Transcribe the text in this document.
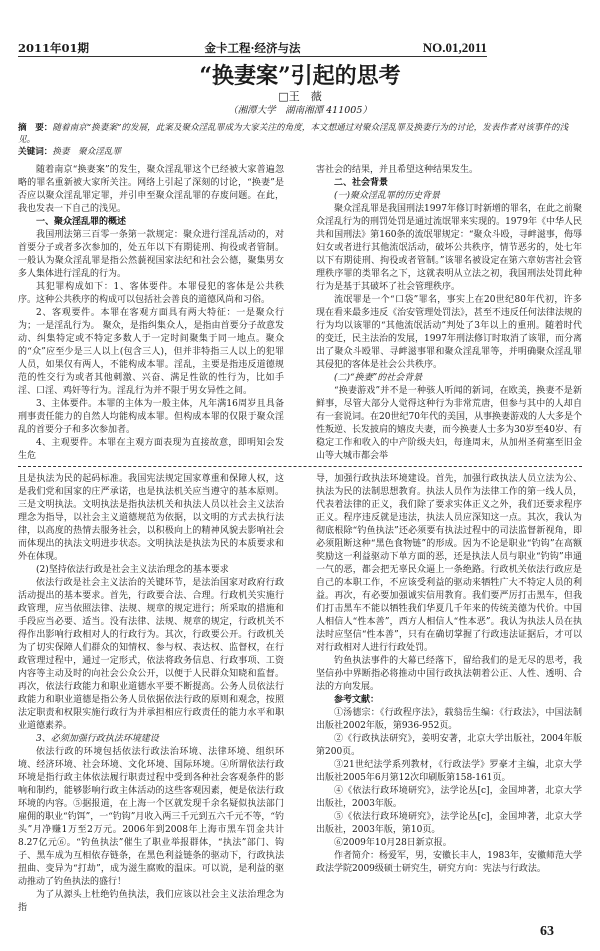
2011年01期	金卡工程·经济与法	NO.01,2011
“换妻案”引起的思考
□王　薇
（湘潭大学　湖南湘潭 411005）
摘　要：随着南京“换妻案”的发展，此案及聚众淫乱罪成为大家关注的角度，本文想通过对聚众淫乱罪及换妻行为的讨论，发表作者对该事件的浅见。
关键词：换妻　聚众淫乱罪

随着南京“换妻案”的发生，聚众淫乱罪这个已经被大家普遍忽略的罪名重新被大家所关注。网络上引起了深刻的讨论，“换妻”是否应以聚众淫乱罪定罪，并引申至聚众淫乱罪的存废问题。在此，我也发表一下自己的浅见。

一、聚众淫乱罪的概述

我国刑法第三百零一条第一款规定：聚众进行淫乱活动的，对首要分子或者多次参加的，处五年以下有期徒刑、拘役或者管制。一般认为聚众淫乱罪是指公然藐视国家法纪和社会公德，聚集男女多人集体进行淫乱的行为。

其犯罪构成如下：1、客体要件。本罪侵犯的客体是公共秩序。这种公共秩序的构成可以包括社会善良的道德风尚和习俗。

2、客观要件。本罪在客观方面具有两大特征：一是聚众行为；一是淫乱行为。 聚众，是指纠集众人，是指由首要分子故意发动、纠集特定或不特定多数人于一定时间聚集于同一地点。聚众的“众”应至少是三人以上(包含三人)，但并非特指三人以上的犯罪人员，如果仅有两人，不能构成本罪。淫乱，主要是指违反道德规范的性交行为或者其他刺激、兴奋、满足性欲的性行为，比如手淫、口淫、鸡奸等行为。淫乱行为并不限于男女异性之间。

3、主体要件。本罪的主体为一般主体，凡年满16周岁且具备刑事责任能力的自然人均能构成本罪。但构成本罪的仅限于聚众淫乱的首要分子和多次参加者。

4、主观要件。本罪在主观方面表现为直接故意，即明知会发生危

害社会的结果，并且希望这种结果发生。

二、社会背景
(一)聚众淫乱罪的历史背景

聚众淫乱罪是我国刑法1997年修订时新增的罪名，在此之前聚众淫乱行为的刑罚处罚是通过流氓罪来实现的。1979年《中华人民共和国刑法》第160条的流氓罪规定：“聚众斗殴，寻衅滋事，侮辱妇女或者进行其他流氓活动，破坏公共秩序，情节恶劣的，处七年以下有期徒刑、拘役或者管制。”该罪名被设定在第六章妨害社会管理秩序罪的类罪名之下，这就表明从立法之初，我国刑法处罚此种行为是基于其破坏了社会管理秩序。

流氓罪是一个“口袋”罪名，事实上在20世纪80年代初，许多现在看来最多违反《治安管理处罚法》，甚至不违反任何法律法规的行为均以该罪的“其他流氓活动”判处了3年以上的重刑。随着时代的变迁，民主法治的发展，1997年刑法修订时取消了该罪，而分离出了聚众斗殴罪、寻衅滋事罪和聚众淫乱罪等，并明确聚众淫乱罪其侵犯的客体是社会公共秩序。

(二)“换妻”的社会背景

“换妻游戏”并不是一种骇人听闻的新词，在欧美，换妻不是新鲜事，尽管大部分人觉得这种行为非常荒唐，但参与其中的人却自有一套说词。在20世纪70年代的美国，从事换妻游戏的人大多是个性叛逆、长发披肩的嬉皮夫妻，而今换妻人士多为30岁至40岁、有稳定工作和收入的中产阶级夫妇，每逢周末，从加州圣荷塞至旧金山等大城市都会举

且是执法为民的起码标准。我国宪法规定国家尊重和保障人权，这是我们党和国家的庄严承诺，也是执法机关应当遵守的基本原则。三是文明执法。文明执法是指执法机关和执法人员以社会主义法治理念为指导，以社会主义道德规范为依据，以文明的方式去执行法律，以高度的热情去服务社会，以积极向上的精神风貌去影响社会而体现出的执法文明进步状态。文明执法是执法为民的本质要求和外在体现。

(2)坚持依法行政是社会主义法治理念的基本要求

依法行政是社会主义法治的关键环节，是法治国家对政府行政活动提出的基本要求。首先，行政要合法、合理。行政机关实施行政管理，应当依照法律、法规、规章的规定进行；所采取的措施和手段应当必要、适当。没有法律、法规、规章的规定，行政机关不得作出影响行政相对人的行政行为。其次，行政要公开。行政机关为了切实保障人们群众的知情权、参与权、表达权、监督权，在行政管理过程中，通过一定形式，依法将政务信息、行政事项、工资内容等主动及时的向社会公众公开，以便于人民群众知晓和监督。再次，依法行政能力和职业道德水平要不断提高。公务人员依法行政能力和职业道德是指公务人员依据依法行政的原则和观念，按照法定职责和权限实施行政行为并承担相应行政责任的能力水平和职业道德素养。

3、必须加强行政执法环境建设

依法行政的环境包括依法行政法治环境、法律环境、组织环境、经济环境、社会环境、文化环境、国际环境。④所谓依法行政环境是指行政主体依法履行职责过程中受到各种社会客观条件的影响和制约，能够影响行政主体活动的这些客观因素，便是依法行政环境的内容。⑤据报道，在上海一个区就发现千余名疑似执法部门雇佣的职业“钓饵”，一“钓钩”月收入两三千元到五六千元不等，“钓头”月净赚1万至2万元。2006年到2008年上海市黑车罚金共计8.27亿元⑥。“钓鱼执法”催生了职业举报群体，“执法”部门、钩子、黑车成为互相依存链条，在黑色利益链条的驱动下，行政执法扭曲、变异为“打劫”，成为滋生腐败的温床。可以说，是利益的驱动推动了钓鱼执法的盛行！

为了从源头上杜绝钓鱼执法，我们应该以社会主义法治理念为指

导，加强行政执法环境建设。首先，加强行政执法人员立法为公、执法为民的法制思想教育。执法人员作为法律工作的第一线人员，代表着法律的正义，我们除了要求实体正义之外，我们还要求程序正义。程序违反就是违法，执法人员应深知这一点。其次，我认为彻底根除“钓鱼执法”还必须要有执法过程中的司法监督新视角，即必须阻断这种“黑色食物链”的形成。因为不论是职业“钓钩”在高额奖励这一利益驱动下单方面的恶，还是执法人员与职业“钓钩”串通一气的恶，都会把无辜民众逼上一条绝路。行政机关依法行政应是自己的本职工作，不应该受利益的驱动来牺牲广大不特定人员的利益。再次，有必要加强诚实信用教育。我们要严厉打击黑车，但我们打击黑车不能以牺牲我们华夏几千年来的传统美德为代价。中国人相信人“性本善”，西方人相信人“性本恶”。我认为执法人员在执法时应坚信“性本善”，只有在确切掌握了行政违法证据后，才可以对行政相对人进行行政处罚。

钓鱼执法事件的大幕已经落下，留给我们的是无尽的思考，我坚信孙中界断指必将推动中国行政执法朝着公正、人性、透明、合法的方向发展。

参考文献：

①汤德宗：《行政程序法》，载翁岳生编：《行政法》，中国法制出版社2002年版，第936-952页。

②《行政执法研究》，姜明安著，北京大学出版社，2004年版第200页。

③21世纪法学系列教材，《行政法学》罗豪才主编，北京大学出版社2005年6月第12次印刷版第158-161页。

④《依法行政环境研究》，法学论丛[c]，金国坤著，北京大学出版社，2003年版。

⑤《依法行政环境研究》，法学论丛[c]，金国坤著，北京大学出版社，2003年版，第10页。

⑥2009年10月28日新京报。

作者简介：杨爱军，男，安徽长丰人，1983年，安徽师范大学政法学院2009级硕士研究生，研究方向：宪法与行政法。

63
